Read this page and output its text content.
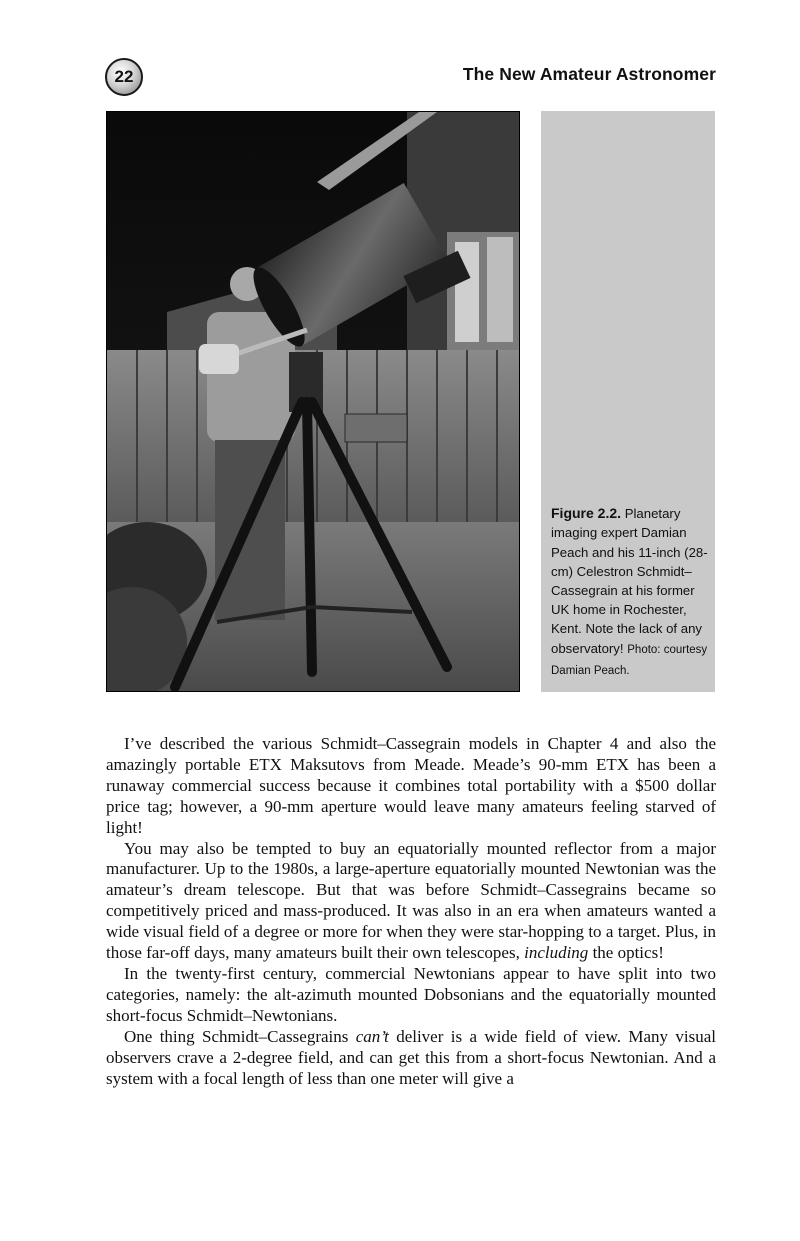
22	The New Amateur Astronomer
Figure 2.2. Planetary imaging expert Damian Peach and his 11-inch (28-cm) Celestron Schmidt–Cassegrain at his former UK home in Rochester, Kent. Note the lack of any observatory! Photo: courtesy Damian Peach.

I’ve described the various Schmidt–Cassegrain models in Chapter 4 and also the amazingly portable ETX Maksutovs from Meade. Meade’s 90-mm ETX has been a runaway commercial success because it combines total portability with a $500 dollar price tag; however, a 90-mm aperture would leave many amateurs feeling starved of light!

You may also be tempted to buy an equatorially mounted reflector from a major manufacturer. Up to the 1980s, a large-aperture equatorially mounted Newtonian was the amateur’s dream telescope. But that was before Schmidt–Cassegrains became so competitively priced and mass-produced. It was also in an era when amateurs wanted a wide visual field of a degree or more for when they were star-hopping to a target. Plus, in those far-off days, many amateurs built their own telescopes, including the optics!

In the twenty-first century, commercial Newtonians appear to have split into two categories, namely: the alt-azimuth mounted Dobsonians and the equatorially mounted short-focus Schmidt–Newtonians.

One thing Schmidt–Cassegrains can’t deliver is a wide field of view. Many visual observers crave a 2-degree field, and can get this from a short-focus Newtonian. And a system with a focal length of less than one meter will give a
